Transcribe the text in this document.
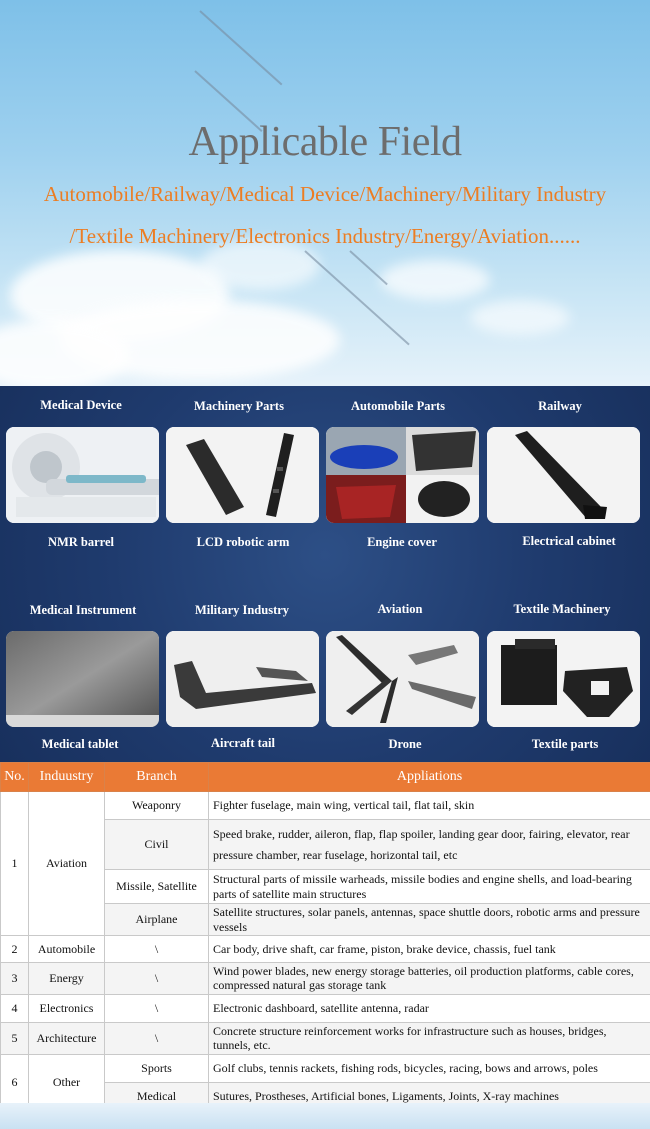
Applicable Field
Automobile/Railway/Medical Device/Machinery/Military Industry
/Textile Machinery/Electronics Industry/Energy/Aviation......
Medical Device	Machinery Parts	Automobile Parts	Railway
NMR barrel	LCD robotic arm	Engine cover	Electrical cabinet
Medical Instrument	Military Industry	Aviation	Textile Machinery
Medical tablet	Aircraft tail	Drone	Textile parts
No.	Induustry	Branch	Appliations
1	Aviation	Weaponry	Fighter fuselage, main wing, vertical tail, flat tail, skin
		Civil	Speed brake, rudder, aileron, flap, flap spoiler, landing gear door, fairing, elevator, rear pressure chamber, rear fuselage, horizontal tail, etc
		Missile, Satellite	Structural parts of missile warheads, missile bodies and engine shells, and load-bearing parts of satellite main structures
		Airplane	Satellite structures, solar panels, antennas, space shuttle doors, robotic arms and pressure vessels
2	Automobile	\	Car body, drive shaft, car frame, piston, brake device, chassis, fuel tank
3	Energy	\	Wind power blades, new energy storage batteries, oil production platforms, cable cores, compressed natural gas storage tank
4	Electronics	\	Electronic dashboard, satellite antenna, radar
5	Architecture	\	Concrete structure reinforcement works for infrastructure such as houses, bridges, tunnels, etc.
6	Other	Sports	Golf clubs, tennis rackets, fishing rods, bicycles, racing, bows and arrows, poles
		Medical	Sutures, Prostheses, Artificial bones, Ligaments, Joints, X-ray machines
